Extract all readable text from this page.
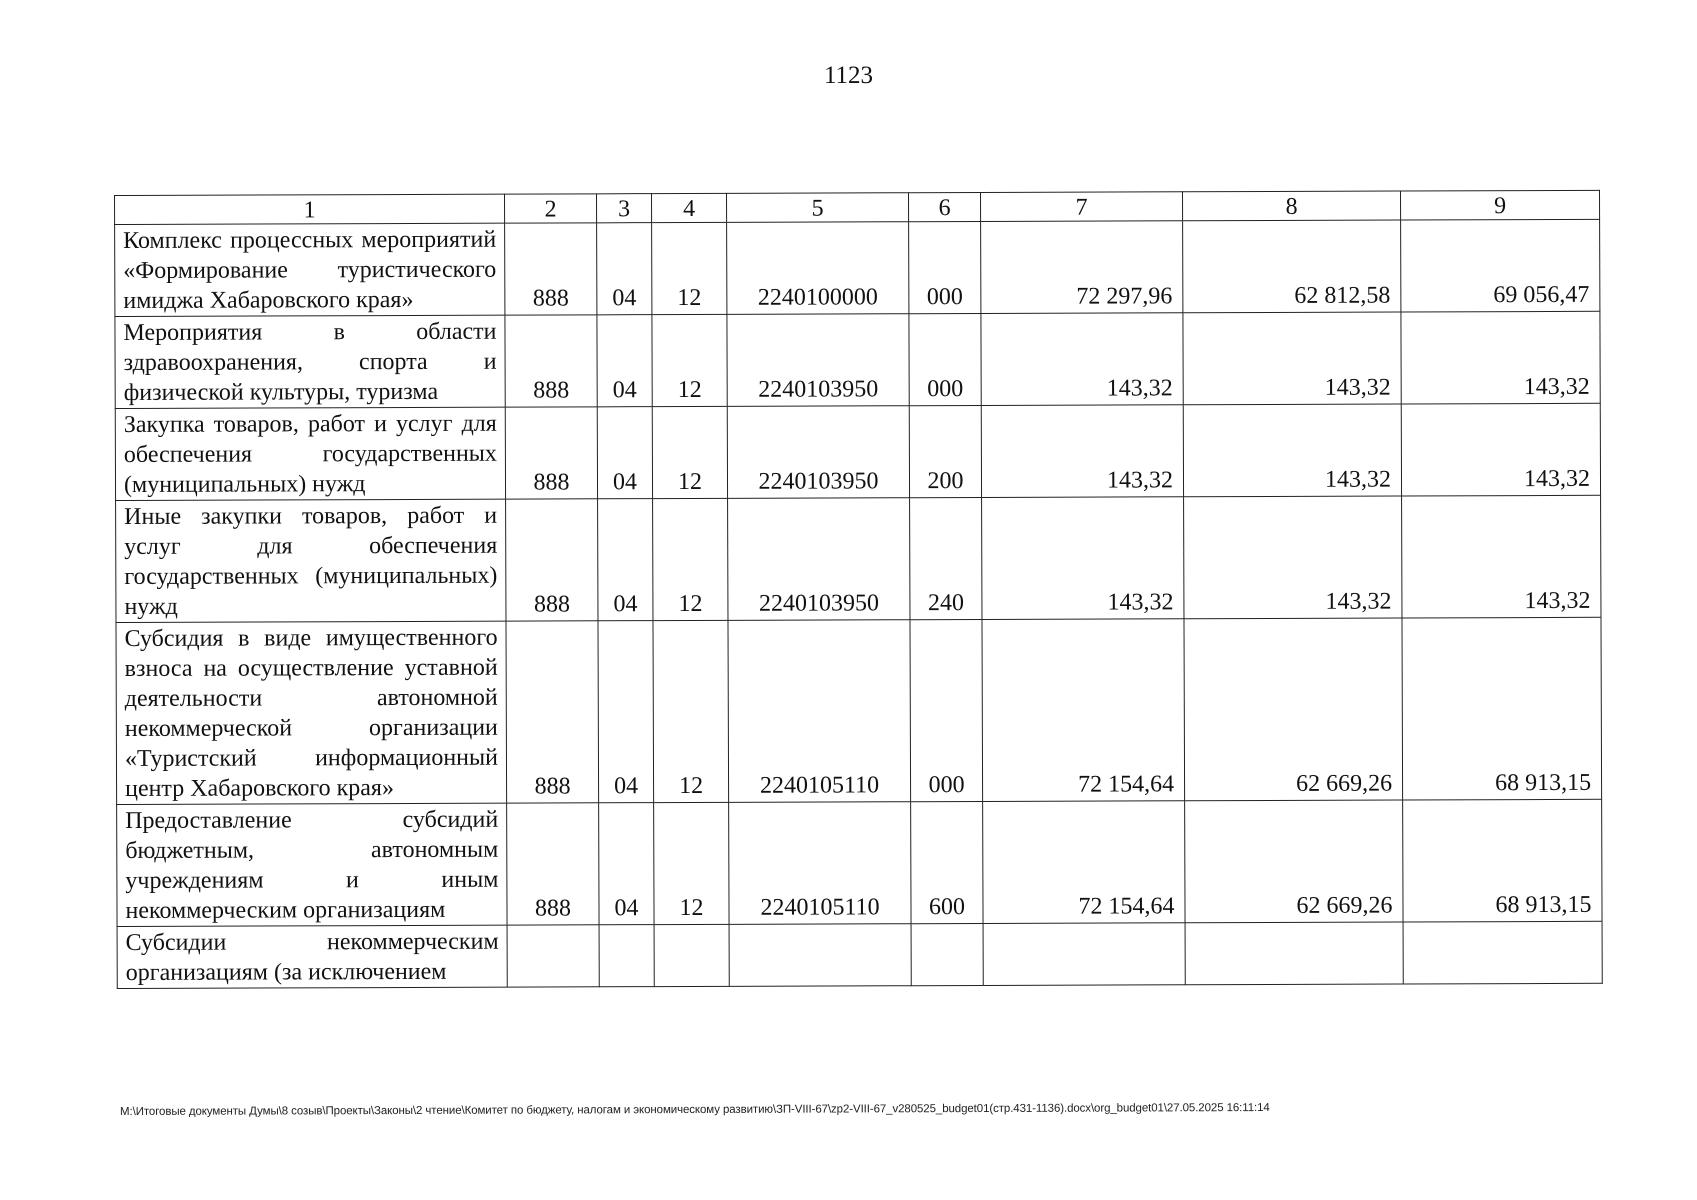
1123
1	2	3	4	5	6	7	8	9
Комплекс процессных мероприятий «Формирование туристического имиджа Хабаровского края»	888	04	12	2240100000	000	72 297,96	62 812,58	69 056,47
Мероприятия в области здравоохранения, спорта и физической культуры, туризма	888	04	12	2240103950	000	143,32	143,32	143,32
Закупка товаров, работ и услуг для обеспечения государственных (муниципальных) нужд	888	04	12	2240103950	200	143,32	143,32	143,32
Иные закупки товаров, работ и услуг для обеспечения государственных (муниципальных) нужд	888	04	12	2240103950	240	143,32	143,32	143,32
Субсидия в виде имущественного взноса на осуществление уставной деятельности автономной некоммерческой организации «Туристский информационный центр Хабаровского края»	888	04	12	2240105110	000	72 154,64	62 669,26	68 913,15
Предоставление субсидий бюджетным, автономным учреждениям и иным некоммерческим организациям	888	04	12	2240105110	600	72 154,64	62 669,26	68 913,15
Субсидии некоммерческим организациям (за исключением								
M:\Итоговые документы Думы\8 созыв\Проекты\Законы\2 чтение\Комитет по бюджету, налогам и экономическому развитию\ЗП-VIII-67\zp2-VIII-67_v280525_budget01(стр.431-1136).docx\org_budget01\27.05.2025 16:11:14
